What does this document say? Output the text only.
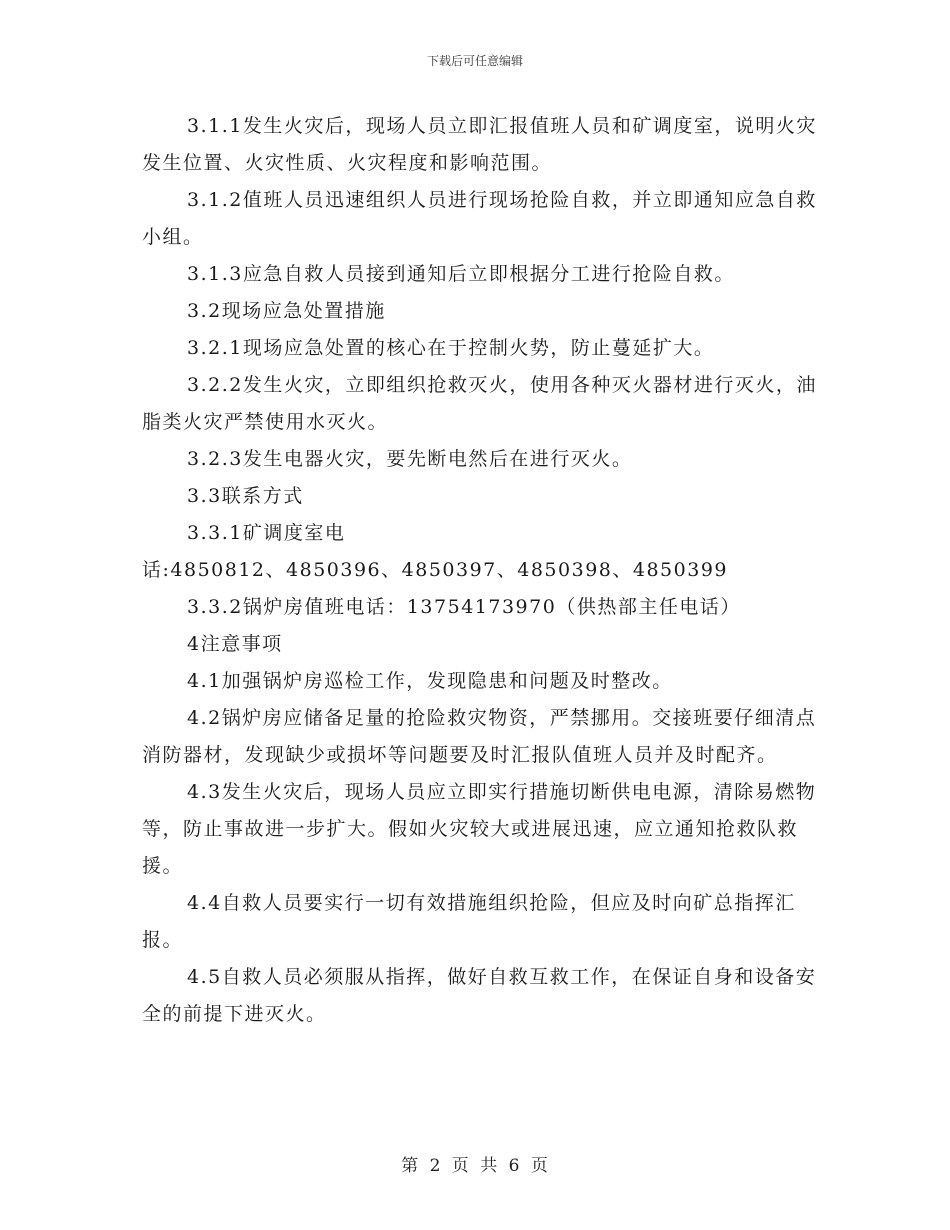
下载后可任意编辑

3.1.1发生火灾后，现场人员立即汇报值班人员和矿调度室，说明火灾发生位置、火灾性质、火灾程度和影响范围。

3.1.2值班人员迅速组织人员进行现场抢险自救，并立即通知应急自救小组。

3.1.3应急自救人员接到通知后立即根据分工进行抢险自救。

3.2现场应急处置措施

3.2.1现场应急处置的核心在于控制火势，防止蔓延扩大。

3.2.2发生火灾，立即组织抢救灭火，使用各种灭火器材进行灭火，油脂类火灾严禁使用水灭火。

3.2.3发生电器火灾，要先断电然后在进行灭火。

3.3联系方式

3.3.1矿调度室电

话:4850812、4850396、4850397、4850398、4850399

3.3.2锅炉房值班电话：13754173970（供热部主任电话）

4注意事项

4.1加强锅炉房巡检工作，发现隐患和问题及时整改。

4.2锅炉房应储备足量的抢险救灾物资，严禁挪用。交接班要仔细清点消防器材，发现缺少或损坏等问题要及时汇报队值班人员并及时配齐。

4.3发生火灾后，现场人员应立即实行措施切断供电电源，清除易燃物等，防止事故进一步扩大。假如火灾较大或进展迅速，应立通知抢救队救援。

4.4自救人员要实行一切有效措施组织抢险，但应及时向矿总指挥汇报。

4.5自救人员必须服从指挥，做好自救互救工作，在保证自身和设备安全的前提下进灭火。

第 2 页 共 6 页
